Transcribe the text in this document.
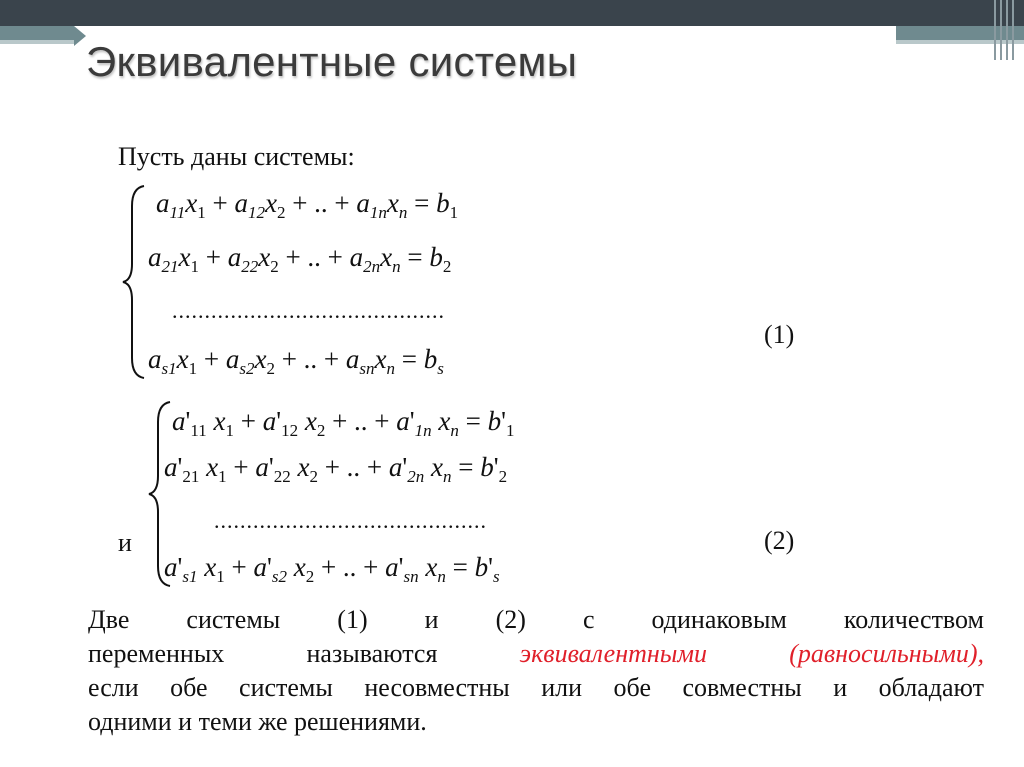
Эквивалентные системы
Пусть даны системы:
$a_{11}x_1 + a_{12}x_2$ + .. + $a_{1n}x_n = b_1$
$a_{21}x_1 + a_{22}x_2$ + .. + $a_{2n}x_n = b_2$
..........................................
$a_{s1}x_1 + a_{s2}x_2$ + .. + $a_{sn}x_n = b_s$
(1)
и
$a'_{11}$ $x_1 + a'_{12}$ $x_2$ + .. + $a'_{1n}$ $x_n = b'_1$
$a'_{21}$ $x_1 + a'_{22}$ $x_2$ + .. + $a'_{2n}$ $x_n = b'_2$
..........................................
$a'_{s1}$ $x_1 + a'_{s2}$ $x_2$ + .. + $a'_{sn}$ $x_n = b'_s$
(2)
Две системы (1) и (2) с одинаковым количеством
переменных называются	эквивалентными (равносильными),
если обе системы несовместны или обе совместны и обладают
одними и теми же решениями.
